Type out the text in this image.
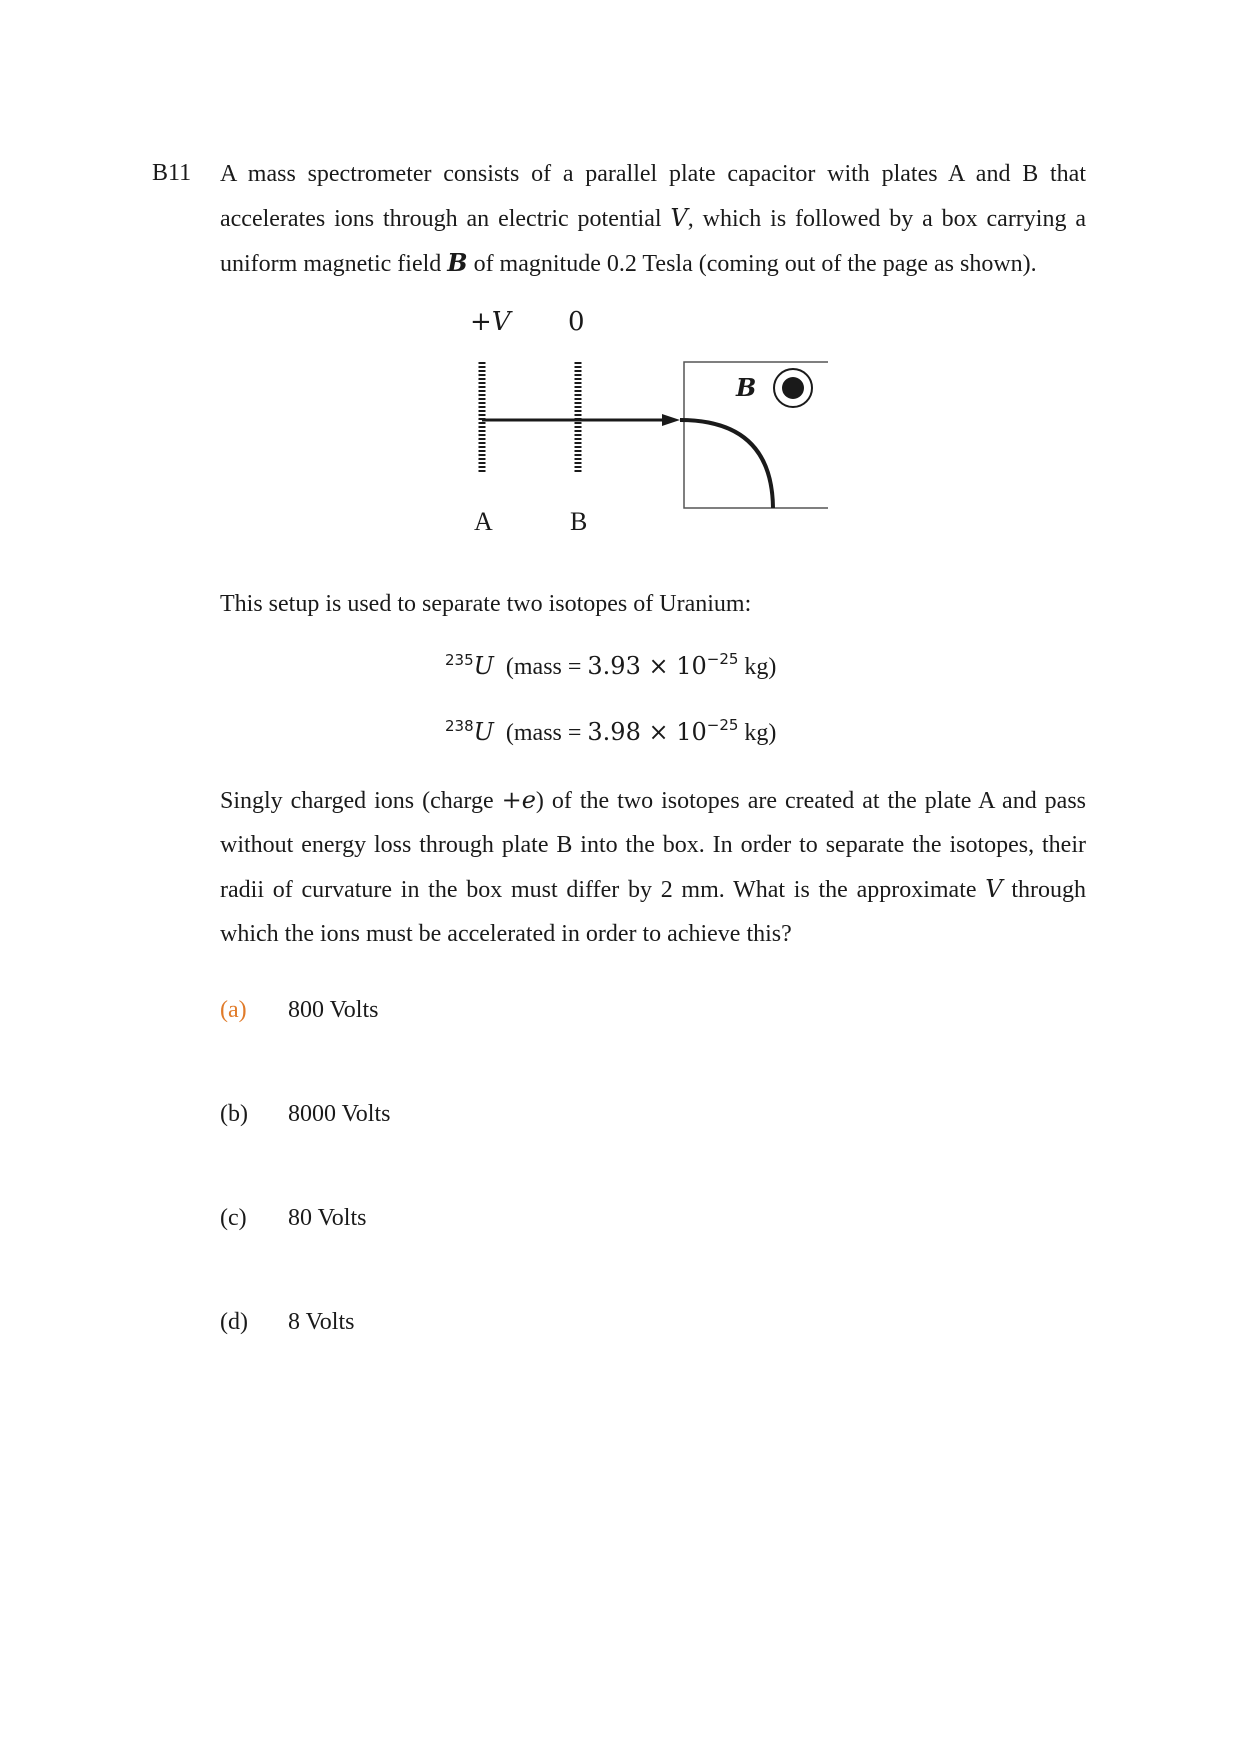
B11 A mass spectrometer consists of a parallel plate capacitor with plates A and B that accelerates ions through an electric potential V, which is followed by a box carrying a uniform magnetic field B of magnitude 0.2 Tesla (coming out of the page as shown).

+V 0
B
A	B
This setup is used to separate two isotopes of Uranium:
$^{235}$U (mass = $3.93 \times 10^{-25}$ kg)
$^{238}$U (mass = $3.98 \times 10^{-25}$ kg)

Singly charged ions (charge +e) of the two isotopes are created at the plate A and pass without energy loss through plate B into the box. In order to separate the isotopes, their radii of curvature in the box must differ by 2 mm. What is the approximate V through which the ions must be accelerated in order to achieve this?

(a) 800 Volts
(b) 8000 Volts
(c) 80 Volts
(d) 8 Volts
